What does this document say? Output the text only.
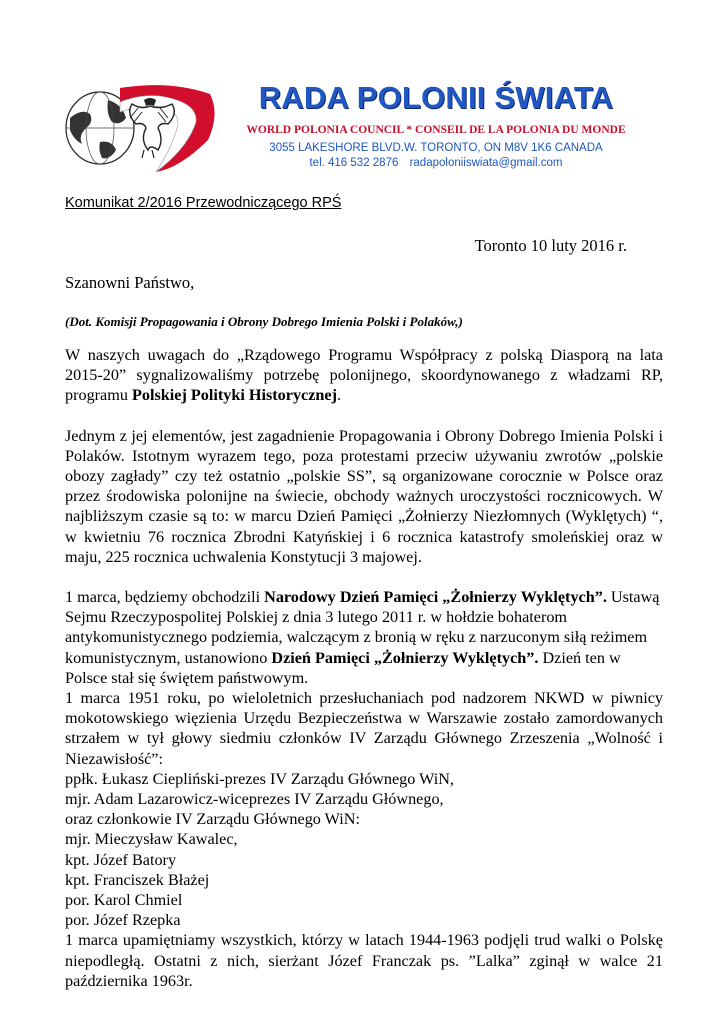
RADA POLONII ŚWIATA
WORLD POLONIA COUNCIL * CONSEIL DE LA POLONIA DU MONDE
3055 LAKESHORE BLVD.W. TORONTO, ON M8V 1K6 CANADA
tel. 416 532 2876 radapoloniiswiata@gmail.com
Komunikat 2/2016 Przewodniczącego RPŚ
Toronto 10 luty 2016 r.
Szanowni Państwo,
(Dot. Komisji Propagowania i Obrony Dobrego Imienia Polski i Polaków,)

W naszych uwagach do „Rządowego Programu Współpracy z polską Diasporą na lata 2015-20” sygnalizowaliśmy potrzebę polonijnego, skoordynowanego z władzami RP, programu Polskiej Polityki Historycznej.

Jednym z jej elementów, jest zagadnienie Propagowania i Obrony Dobrego Imienia Polski i Polaków. Istotnym wyrazem tego, poza protestami przeciw używaniu zwrotów „polskie obozy zagłady” czy też ostatnio „polskie SS”, są organizowane corocznie w Polsce oraz przez środowiska polonijne na świecie, obchody ważnych uroczystości rocznicowych. W najbliższym czasie są to: w marcu Dzień Pamięci „Żołnierzy Niezłomnych (Wyklętych) “, w kwietniu 76 rocznica Zbrodni Katyńskiej i 6 rocznica katastrofy smoleńskiej oraz w maju, 225 rocznica uchwalenia Konstytucji 3 majowej.

1 marca, będziemy obchodzili Narodowy Dzień Pamięci „Żołnierzy Wyklętych”. Ustawą Sejmu Rzeczypospolitej Polskiej z dnia 3 lutego 2011 r. w hołdzie bohaterom antykomunistycznego podziemia, walczącym z bronią w ręku z narzuconym siłą reżimem komunistycznym, ustanowiono Dzień Pamięci „Żołnierzy Wyklętych”. Dzień ten w Polsce stał się świętem państwowym.

1 marca 1951 roku, po wieloletnich przesłuchaniach pod nadzorem NKWD w piwnicy mokotowskiego więzienia Urzędu Bezpieczeństwa w Warszawie zostało zamordowanych strzałem w tył głowy siedmiu członków IV Zarządu Głównego Zrzeszenia „Wolność i Niezawisłość”:

ppłk. Łukasz Ciepliński-prezes IV Zarządu Głównego WiN,
mjr. Adam Lazarowicz-wiceprezes IV Zarządu Głównego,
oraz członkowie IV Zarządu Głównego WiN:
mjr. Mieczysław Kawalec,
kpt. Józef Batory
kpt. Franciszek Błażej
por. Karol Chmiel
por. Józef Rzepka

1 marca upamiętniamy wszystkich, którzy w latach 1944-1963 podjęli trud walki o Polskę niepodległą. Ostatni z nich, sierżant Józef Franczak ps. ”Lalka” zginął w walce 21 października 1963r.
